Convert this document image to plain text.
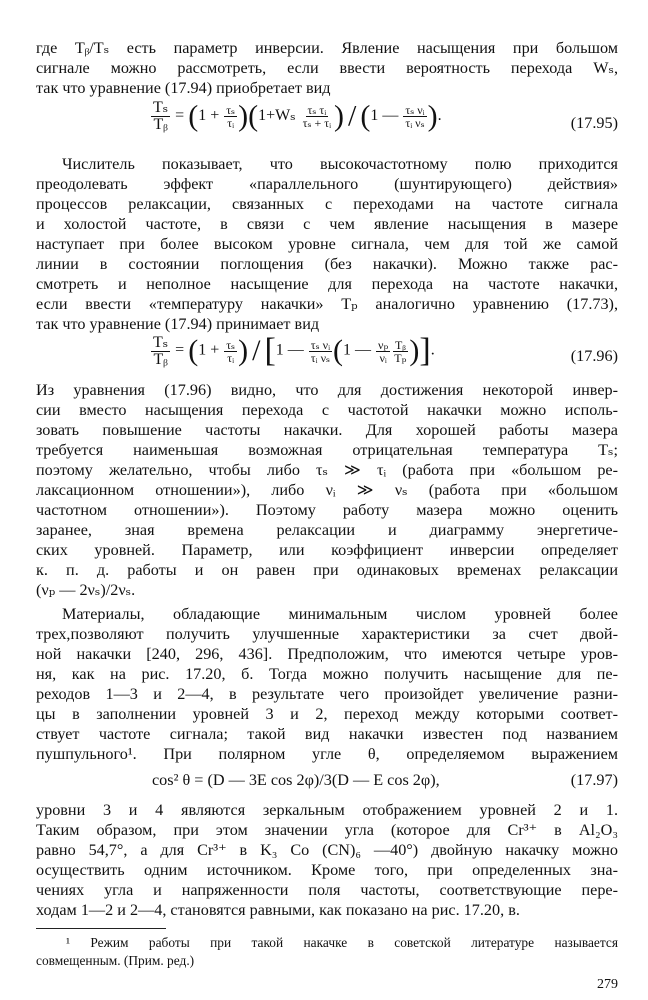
где Tᵦ/Tₛ есть параметр инверсии. Явление насыщения при большом
сигнале можно рассмотреть, если ввести вероятность перехода Wₛ,
так что уравнение (17.94) приобретает вид
$\frac{\text{Tₛ}}{\text{Tᵦ}} = (1 + \frac{\text{τₛ}}{\text{τᵢ}} )(1+W_s \frac{\text{τₛ τᵢ}}{\text{τₛ + τᵢ}}$ ) / (1 — $\frac{\text{τₛ νᵢ}}{\text{τᵢ νₛ}}$ ).	(17.95)
Числитель показывает, что высокочастотному полю приходится
преодолевать эффект «параллельного (шунтирующего) действия»
процессов релаксации, связанных с переходами на частоте сигнала
и холостой частоте, в связи с чем явление насыщения в мазере
наступает при более высоком уровне сигнала, чем для той же самой
линии в состоянии поглощения (без накачки). Можно также рас-
смотреть и неполное насыщение для перехода на частоте накачки,
если ввести «температуру накачки» Tₚ аналогично уравнению (17.73),
так что уравнение (17.94) принимает вид
$\frac{\text{Tₛ}}{\text{Tᵦ}} = (1 + \frac{\text{τₛ}}{\text{τᵢ}}$ ) / [1 — $\frac{\text{τₛ νᵢ}}{\text{τᵢ νₛ}} (1$ — $\frac{\text{νₚ}}{\text{νᵢ}} \frac{\text{Tᵦ}}{\text{Tₚ}}$ )].	(17.96)
Из уравнения (17.96) видно, что для достижения некоторой инвер-
сии вместо насыщения перехода с частотой накачки можно исполь-
зовать повышение частоты накачки. Для хорошей работы мазера
требуется наименьшая возможная отрицательная температура Tₛ;
поэтому желательно, чтобы либо τₛ ≫ τᵢ (работа при «большом ре-
лаксационном отношении»), либо νᵢ ≫ νₛ (работа при «большом
частотном отношении»). Поэтому работу мазера можно оценить
заранее, зная времена релаксации и диаграмму энергетиче-
ских уровней. Параметр, или коэффициент инверсии определяет
к. п. д. работы и он равен при одинаковых временах релаксации
(νₚ — 2νₛ)/2νₛ.
Материалы, обладающие минимальным числом уровней более
трех,позволяют получить улучшенные характеристики за счет двой-
ной накачки [240, 296, 436]. Предположим, что имеются четыре уров-
ня, как на рис. 17.20, б. Тогда можно получить насыщение для пе-
реходов 1—3 и 2—4, в результате чего произойдет увеличение разни-
цы в заполнении уровней 3 и 2, переход между которыми соответ-
ствует частоте сигнала; такой вид накачки известен под названием
пушпульного¹. При полярном угле θ, определяемом выражением
cos² θ = (D — 3E cos 2φ)/3(D — E cos 2φ),	(17.97)
уровни 3 и 4 являются зеркальным отображением уровней 2 и 1.
Таким образом, при этом значении угла (которое для Cr³⁺ в Al₂O₃
равно 54,7°, а для Cr³⁺ в K₃ Co (CN)₆ —40°) двойную накачку можно
осуществить одним источником. Кроме того, при определенных зна-
чениях угла и напряженности поля частоты, соответствующие пере-
ходам 1—2 и 2—4, становятся равными, как показано на рис. 17.20, в.
¹ Режим работы при такой накачке в советской литературе называется
совмещенным. (Прим. ред.)
279
